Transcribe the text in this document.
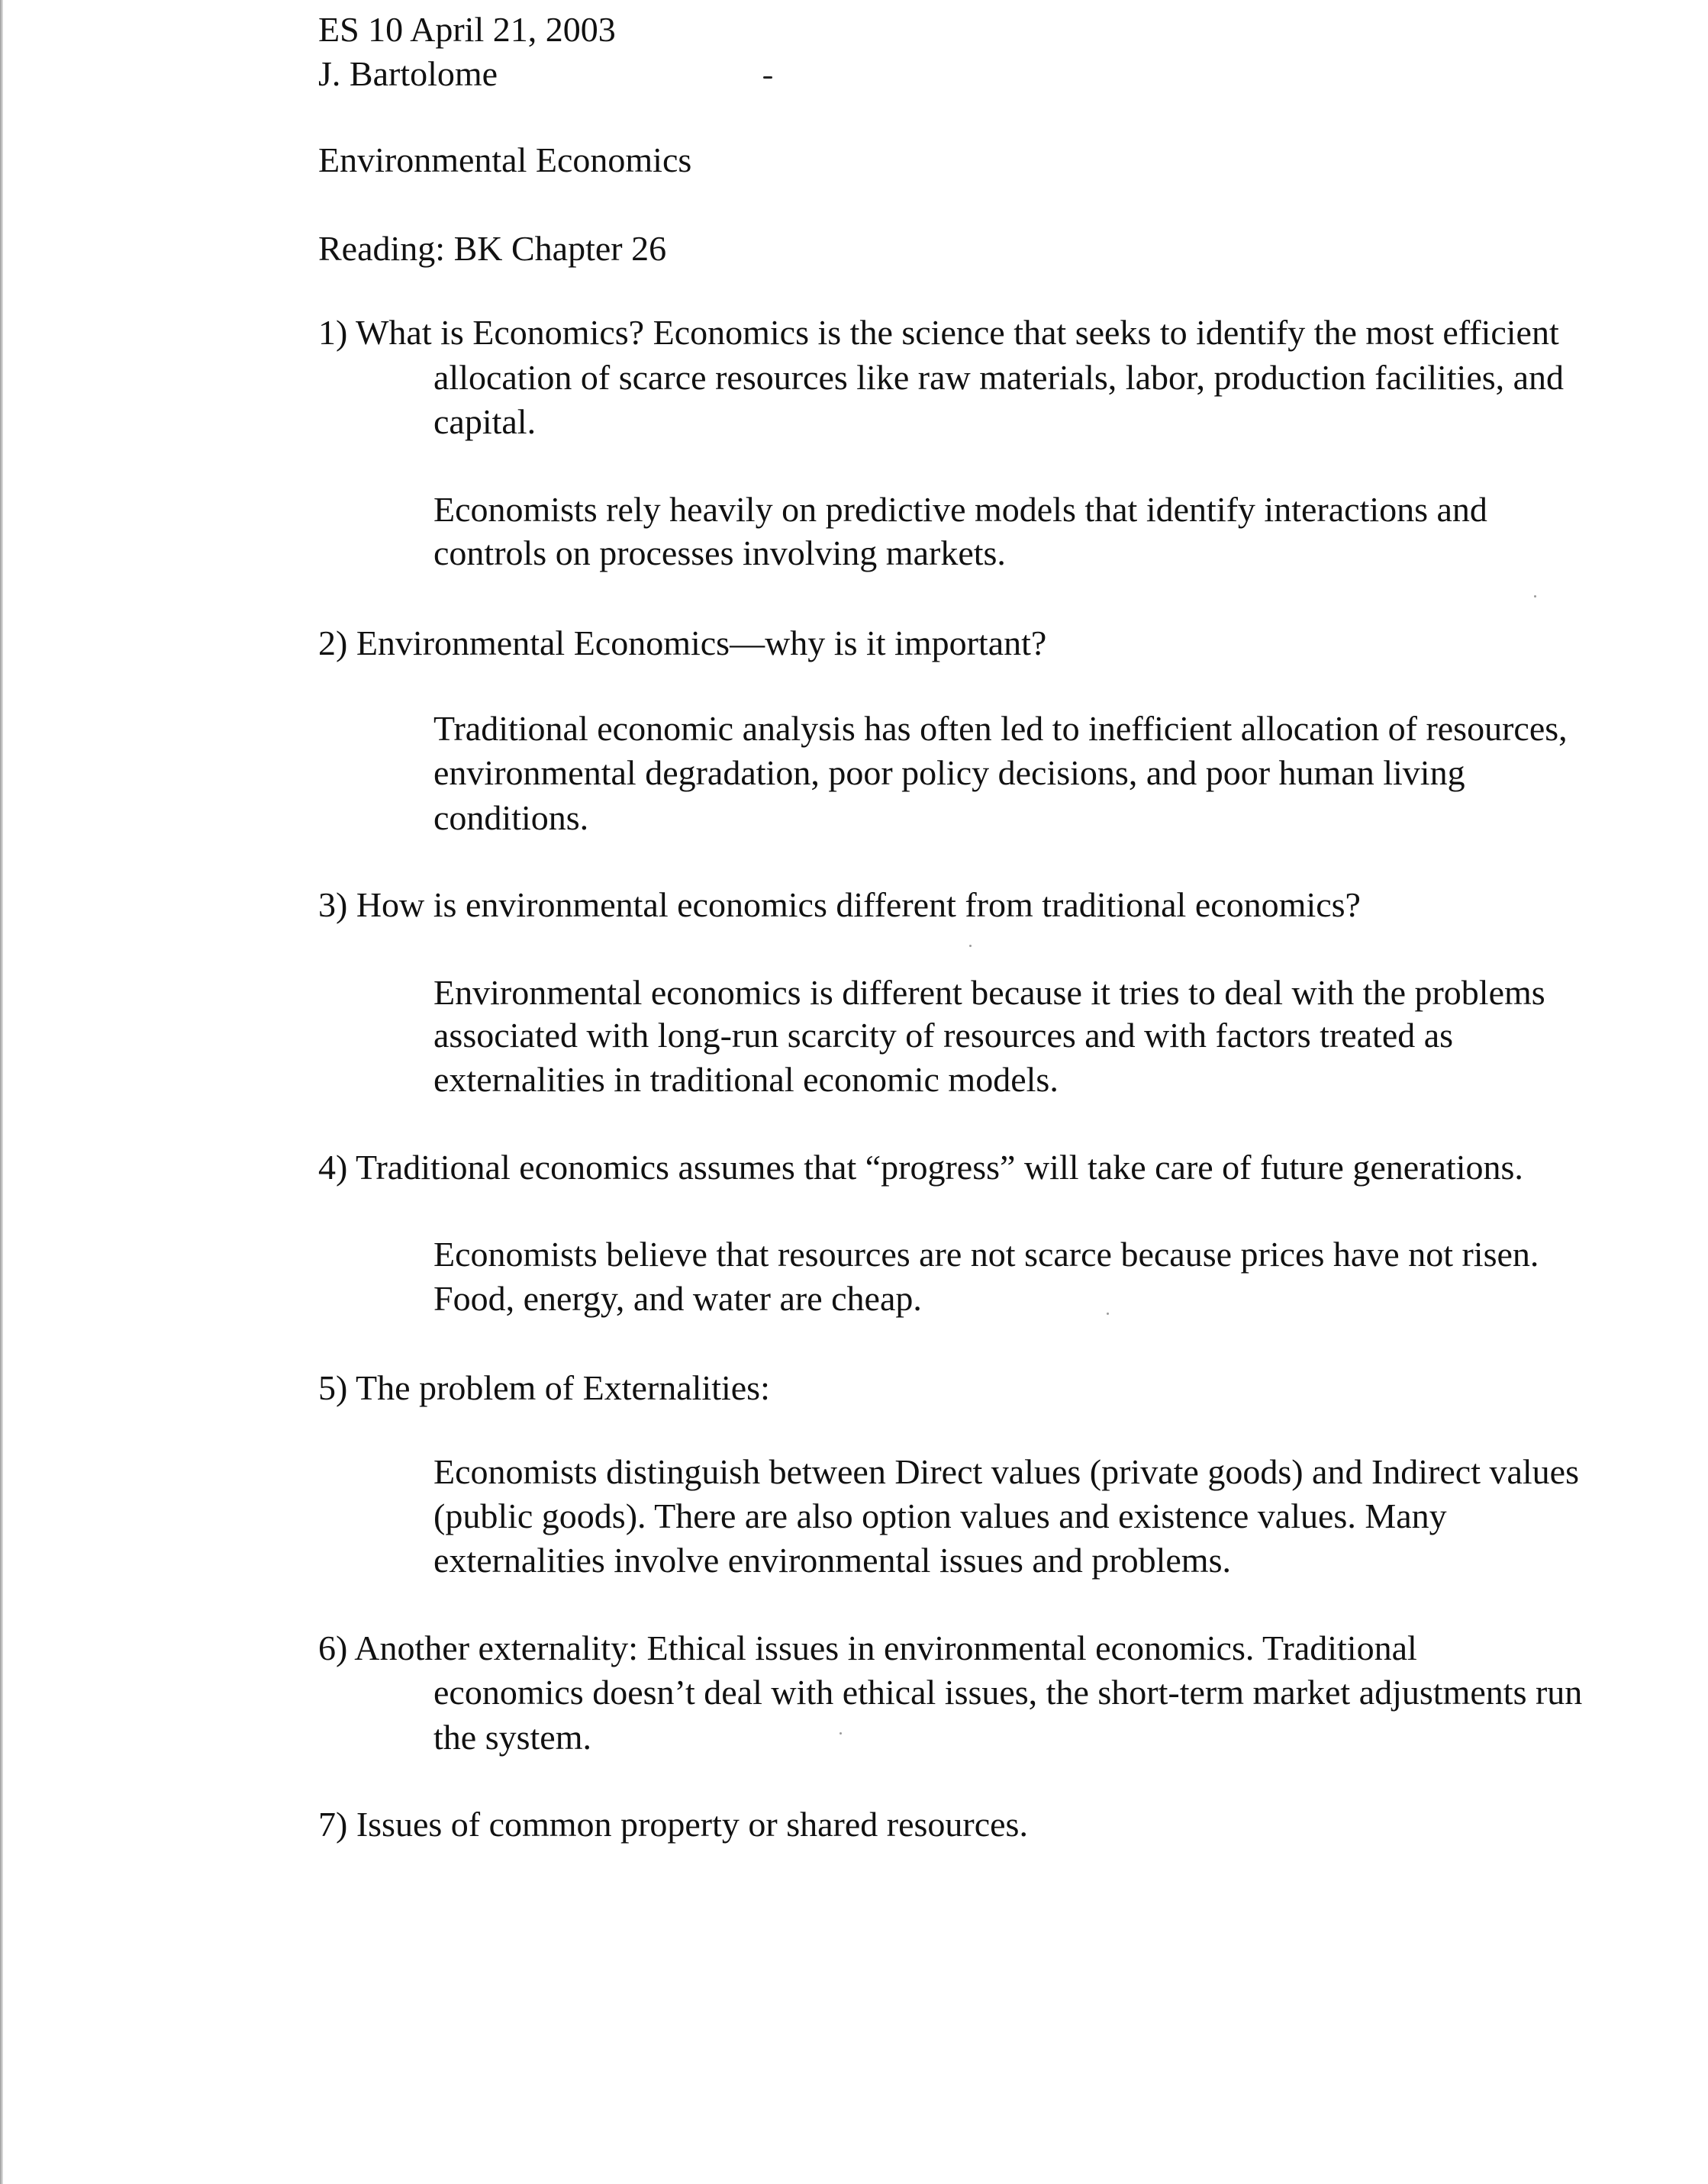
ES 10 April 21, 2003

J. Bartolome

Environmental Economics

Reading: BK Chapter 26

1) What is Economics? Economics is the science that seeks to identify the most efficient

allocation of scarce resources like raw materials, labor, production facilities, and

capital.

Economists rely heavily on predictive models that identify interactions and

controls on processes involving markets.

2) Environmental Economics—why is it important?

Traditional economic analysis has often led to inefficient allocation of resources,

environmental degradation, poor policy decisions, and poor human living

conditions.

3) How is environmental economics different from traditional economics?

Environmental economics is different because it tries to deal with the problems

associated with long-run scarcity of resources and with factors treated as

externalities in traditional economic models.

4) Traditional economics assumes that “progress” will take care of future generations.

Economists believe that resources are not scarce because prices have not risen.

Food, energy, and water are cheap.

5) The problem of Externalities:

Economists distinguish between Direct values (private goods) and Indirect values

(public goods). There are also option values and existence values. Many

externalities involve environmental issues and problems.

6) Another externality: Ethical issues in environmental economics. Traditional

economics doesn’t deal with ethical issues, the short-term market adjustments run

the system.

7) Issues of common property or shared resources.
